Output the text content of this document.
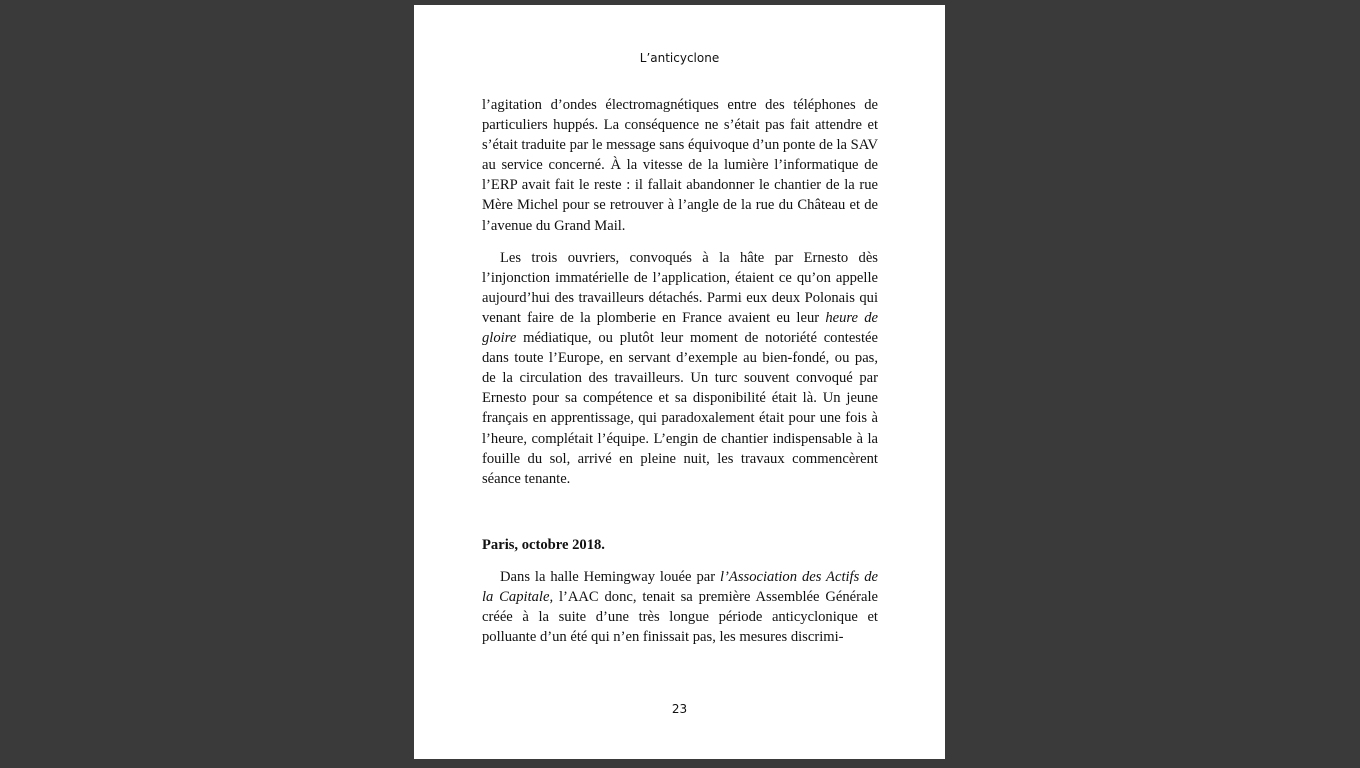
L’anticyclone

l’agitation d’ondes électromagnétiques entre des téléphones de particuliers huppés. La conséquence ne s’était pas fait attendre et s’était traduite par le message sans équivoque d’un ponte de la SAV au service concerné. À la vitesse de la lumière l’informatique de l’ERP avait fait le reste : il fallait abandonner le chantier de la rue Mère Michel pour se retrouver à l’angle de la rue du Château et de l’avenue du Grand Mail.

Les trois ouvriers, convoqués à la hâte par Ernesto dès l’injonction immatérielle de l’application, étaient ce qu’on appelle aujourd’hui des travailleurs détachés. Parmi eux deux Polonais qui venant faire de la plomberie en France avaient eu leur heure de gloire médiatique, ou plutôt leur moment de notoriété contestée dans toute l’Europe, en servant d’exemple au bien-fondé, ou pas, de la circulation des travailleurs. Un turc souvent convoqué par Ernesto pour sa compétence et sa disponibilité était là. Un jeune français en apprentissage, qui paradoxalement était pour une fois à l’heure, complétait l’équipe. L’engin de chantier indispensable à la fouille du sol, arrivé en pleine nuit, les travaux commencèrent séance tenante.

Paris, octobre 2018.

Dans la halle Hemingway louée par l’Association des Actifs de la Capitale, l’AAC donc, tenait sa première Assemblée Générale créée à la suite d’une très longue période anticyclonique et polluante d’un été qui n’en finissait pas, les mesures discrimi-

23
